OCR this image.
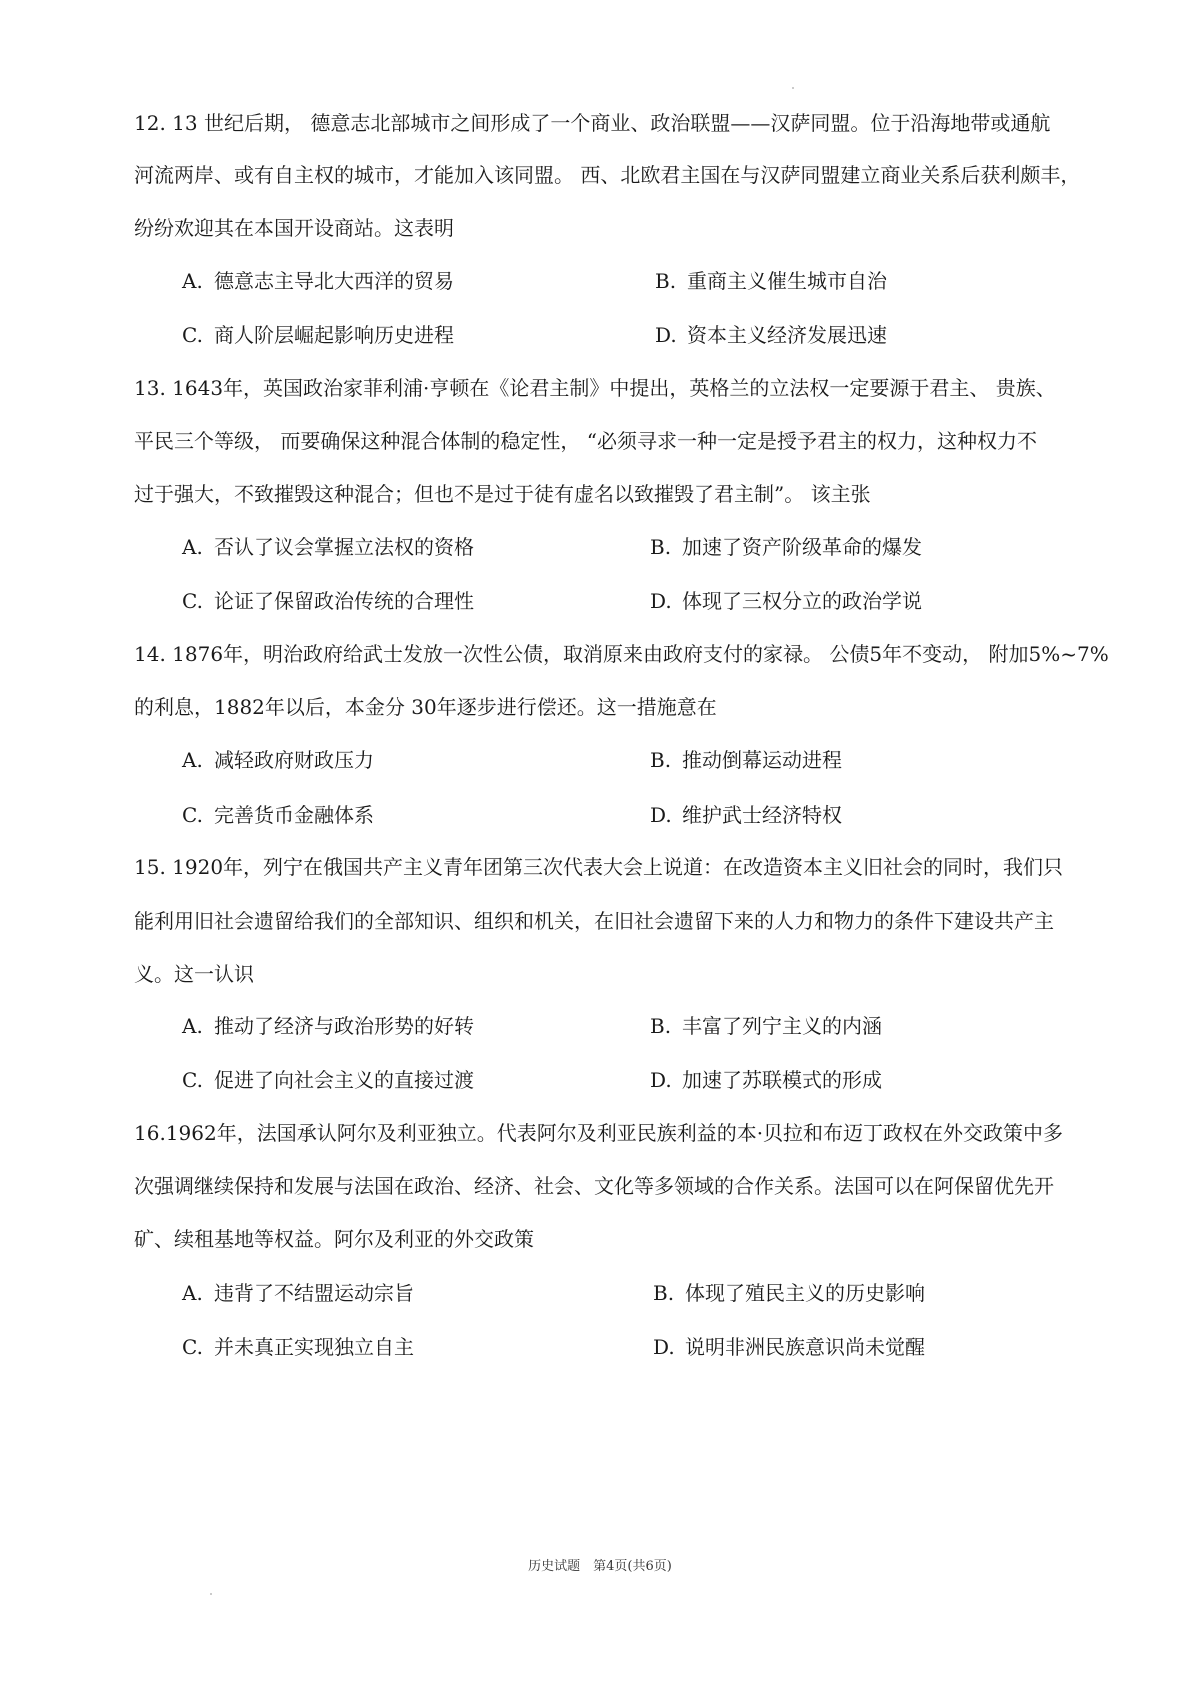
12. 13 世纪后期， 德意志北部城市之间形成了一个商业、政治联盟——汉萨同盟。位于沿海地带或通航
河流两岸、或有自主权的城市，才能加入该同盟。 西、北欧君主国在与汉萨同盟建立商业关系后获利颇丰，
纷纷欢迎其在本国开设商站。这表明
A. 德意志主导北大西洋的贸易	B. 重商主义催生城市自治
C. 商人阶层崛起影响历史进程	D. 资本主义经济发展迅速
13. 1643年，英国政治家菲利浦·亨顿在《论君主制》中提出，英格兰的立法权一定要源于君主、 贵族、
平民三个等级， 而要确保这种混合体制的稳定性， “必须寻求一种一定是授予君主的权力，这种权力不
过于强大，不致摧毁这种混合；但也不是过于徒有虚名以致摧毁了君主制”。 该主张
A. 否认了议会掌握立法权的资格	B. 加速了资产阶级革命的爆发
C. 论证了保留政治传统的合理性	D. 体现了三权分立的政治学说
14. 1876年，明治政府给武士发放一次性公债，取消原来由政府支付的家禄。 公债5年不变动， 附加5%~7%
的利息，1882年以后，本金分 30年逐步进行偿还。这一措施意在
A. 减轻政府财政压力	B. 推动倒幕运动进程
C. 完善货币金融体系	D. 维护武士经济特权
15. 1920年，列宁在俄国共产主义青年团第三次代表大会上说道：在改造资本主义旧社会的同时，我们只
能利用旧社会遗留给我们的全部知识、组织和机关，在旧社会遗留下来的人力和物力的条件下建设共产主
义。这一认识
A. 推动了经济与政治形势的好转	B. 丰富了列宁主义的内涵
C. 促进了向社会主义的直接过渡	D. 加速了苏联模式的形成
16.1962年，法国承认阿尔及利亚独立。代表阿尔及利亚民族利益的本·贝拉和布迈丁政权在外交政策中多
次强调继续保持和发展与法国在政治、经济、社会、文化等多领域的合作关系。法国可以在阿保留优先开
矿、续租基地等权益。阿尔及利亚的外交政策
A. 违背了不结盟运动宗旨	B. 体现了殖民主义的历史影响
C. 并未真正实现独立自主	D. 说明非洲民族意识尚未觉醒
历史试题　第4页(共6页)
